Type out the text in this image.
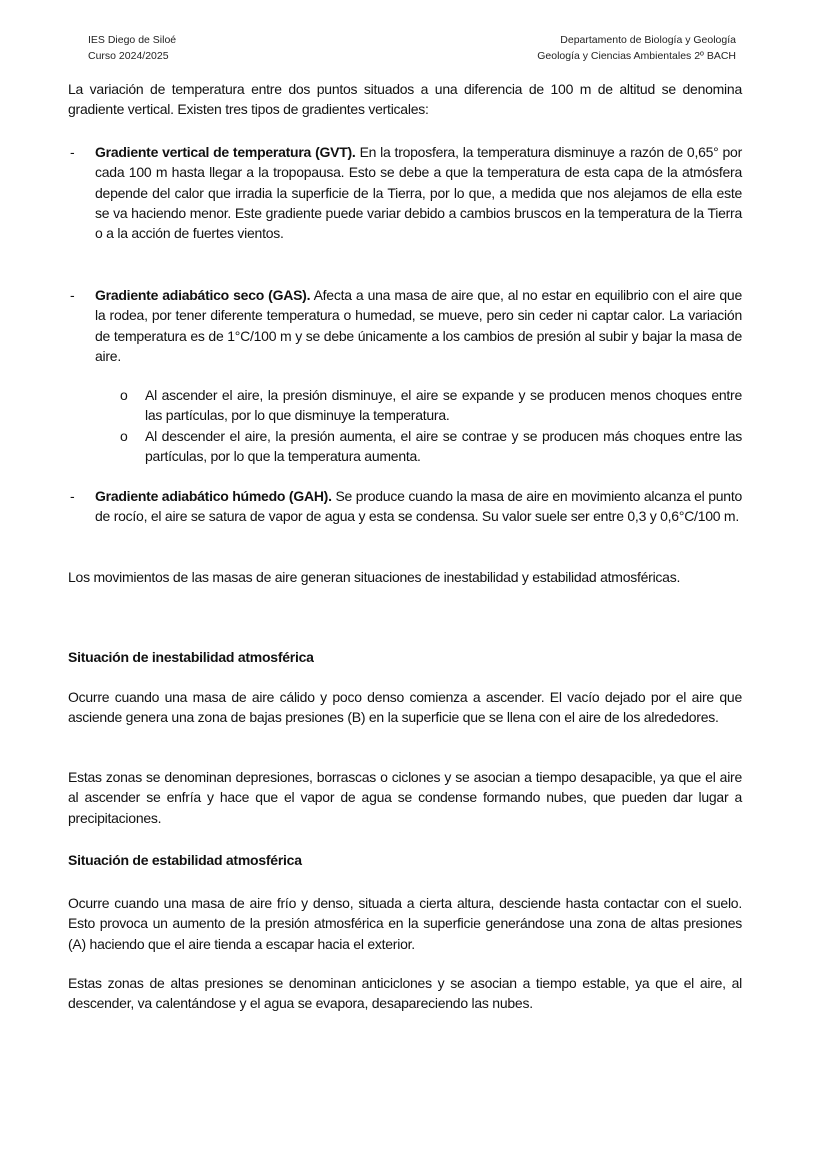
IES Diego de Siloé
Curso 2024/2025
Departamento de Biología y Geología
Geología y Ciencias Ambientales 2º BACH

La variación de temperatura entre dos puntos situados a una diferencia de 100 m de altitud se denomina gradiente vertical. Existen tres tipos de gradientes verticales:

- Gradiente vertical de temperatura (GVT). En la troposfera, la temperatura disminuye a razón de 0,65° por cada 100 m hasta llegar a la tropopausa. Esto se debe a que la temperatura de esta capa de la atmósfera depende del calor que irradia la superficie de la Tierra, por lo que, a medida que nos alejamos de ella este se va haciendo menor. Este gradiente puede variar debido a cambios bruscos en la temperatura de la Tierra o a la acción de fuertes vientos.
- Gradiente adiabático seco (GAS). Afecta a una masa de aire que, al no estar en equilibrio con el aire que la rodea, por tener diferente temperatura o humedad, se mueve, pero sin ceder ni captar calor. La variación de temperatura es de 1°C/100 m y se debe únicamente a los cambios de presión al subir y bajar la masa de aire.
o Al ascender el aire, la presión disminuye, el aire se expande y se producen menos choques entre las partículas, por lo que disminuye la temperatura.
o Al descender el aire, la presión aumenta, el aire se contrae y se producen más choques entre las partículas, por lo que la temperatura aumenta.
- Gradiente adiabático húmedo (GAH). Se produce cuando la masa de aire en movimiento alcanza el punto de rocío, el aire se satura de vapor de agua y esta se condensa. Su valor suele ser entre 0,3 y 0,6°C/100 m.

Los movimientos de las masas de aire generan situaciones de inestabilidad y estabilidad atmosféricas.

Situación de inestabilidad atmosférica

Ocurre cuando una masa de aire cálido y poco denso comienza a ascender. El vacío dejado por el aire que asciende genera una zona de bajas presiones (B) en la superficie que se llena con el aire de los alrededores.

Estas zonas se denominan depresiones, borrascas o ciclones y se asocian a tiempo desapacible, ya que el aire al ascender se enfría y hace que el vapor de agua se condense formando nubes, que pueden dar lugar a precipitaciones.

Situación de estabilidad atmosférica

Ocurre cuando una masa de aire frío y denso, situada a cierta altura, desciende hasta contactar con el suelo. Esto provoca un aumento de la presión atmosférica en la superficie generándose una zona de altas presiones (A) haciendo que el aire tienda a escapar hacia el exterior.

Estas zonas de altas presiones se denominan anticiclones y se asocian a tiempo estable, ya que el aire, al descender, va calentándose y el agua se evapora, desapareciendo las nubes.
